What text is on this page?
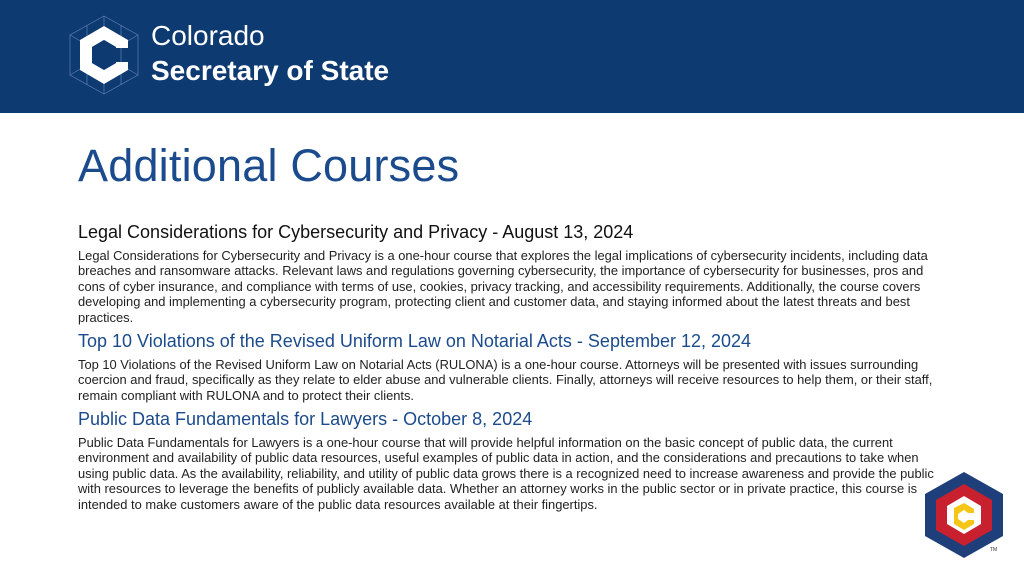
Colorado
Secretary of State
Additional Courses
Legal Considerations for Cybersecurity and Privacy - August 13, 2024

Legal Considerations for Cybersecurity and Privacy is a one-hour course that explores the legal implications of cybersecurity incidents, including data breaches and ransomware attacks. Relevant laws and regulations governing cybersecurity, the importance of cybersecurity for businesses, pros and cons of cyber insurance, and compliance with terms of use, cookies, privacy tracking, and accessibility requirements. Additionally, the course covers developing and implementing a cybersecurity program, protecting client and customer data, and staying informed about the latest threats and best practices.

Top 10 Violations of the Revised Uniform Law on Notarial Acts - September 12, 2024

Top 10 Violations of the Revised Uniform Law on Notarial Acts (RULONA) is a one-hour course. Attorneys will be presented with issues surrounding coercion and fraud, specifically as they relate to elder abuse and vulnerable clients. Finally, attorneys will receive resources to help them, or their staff, remain compliant with RULONA and to protect their clients.

Public Data Fundamentals for Lawyers - October 8, 2024

Public Data Fundamentals for Lawyers is a one-hour course that will provide helpful information on the basic concept of public data, the current environment and availability of public data resources, useful examples of public data in action, and the considerations and precautions to take when using public data. As the availability, reliability, and utility of public data grows there is a recognized need to increase awareness and provide the public with resources to leverage the benefits of publicly available data. Whether an attorney works in the public sector or in private practice, this course is intended to make customers aware of the public data resources available at their fingertips.

TM
